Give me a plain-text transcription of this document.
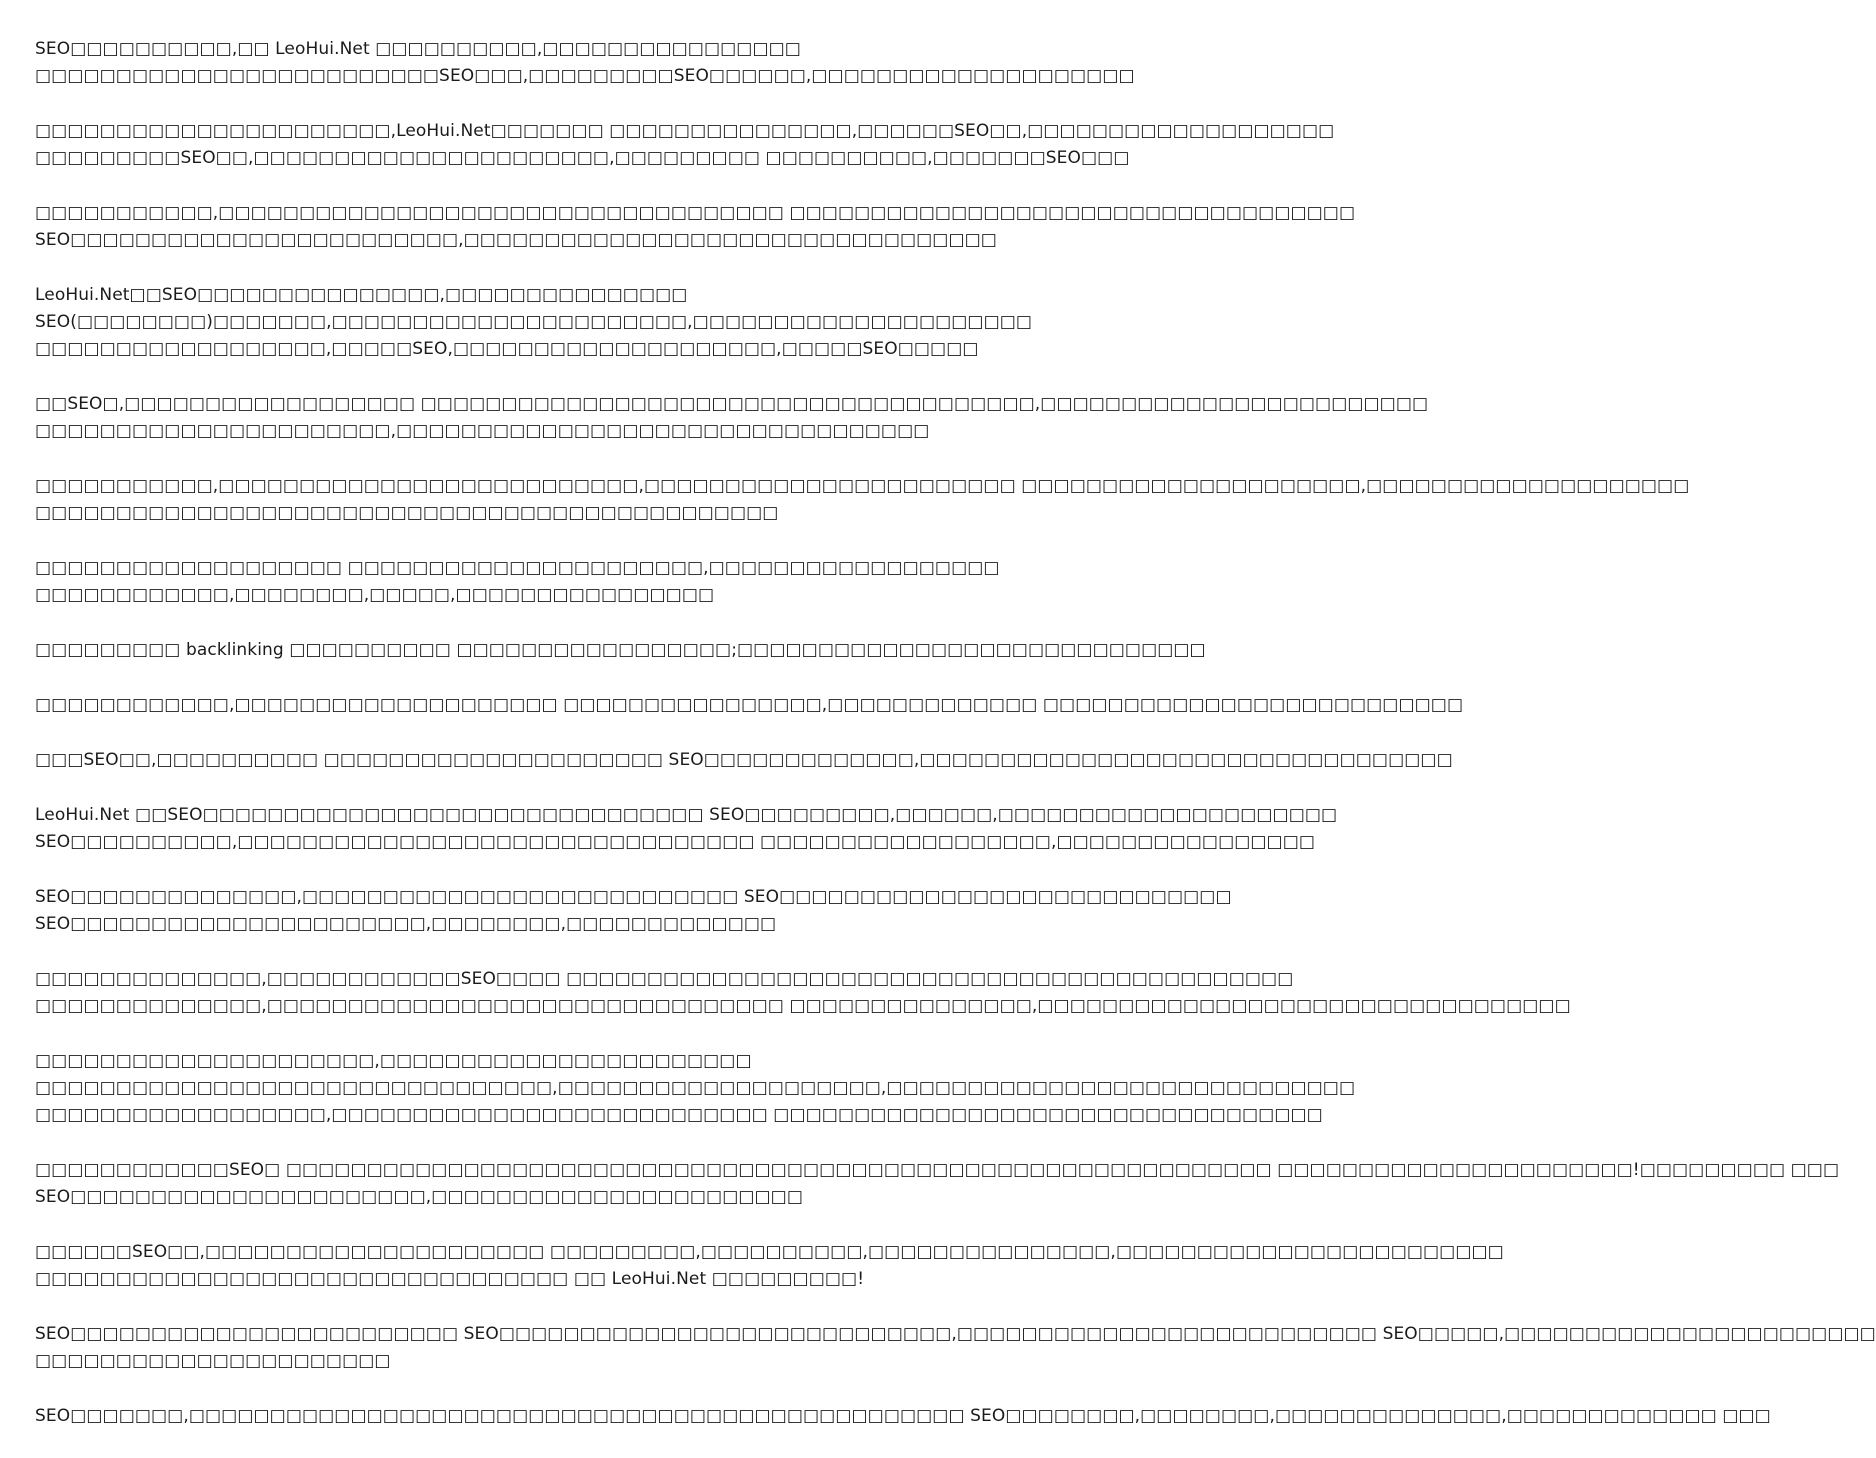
SEO□□□□□□□□□□,□□ LeoHui.Net □□□□□□□□□□,□□□□□□□□□□□□□□□□
□□□□□□□□□□□□□□□□□□□□□□□□□SEO□□□,□□□□□□□□□SEO□□□□□□,□□□□□□□□□□□□□□□□□□□□
□□□□□□□□□□□□□□□□□□□□□□,LeoHui.Net□□□□□□□ □□□□□□□□□□□□□□□,□□□□□□SEO□□,□□□□□□□□□□□□□□□□□□□
□□□□□□□□□SEO□□,□□□□□□□□□□□□□□□□□□□□□□,□□□□□□□□□ □□□□□□□□□□,□□□□□□□SEO□□□
□□□□□□□□□□□,□□□□□□□□□□□□□□□□□□□□□□□□□□□□□□□□□□□ □□□□□□□□□□□□□□□□□□□□□□□□□□□□□□□□□□□
SEO□□□□□□□□□□□□□□□□□□□□□□□□,□□□□□□□□□□□□□□□□□□□□□□□□□□□□□□□□□
LeoHui.Net□□SEO□□□□□□□□□□□□□□□,□□□□□□□□□□□□□□□
SEO(□□□□□□□□)□□□□□□□,□□□□□□□□□□□□□□□□□□□□□□,□□□□□□□□□□□□□□□□□□□□□
□□□□□□□□□□□□□□□□□□,□□□□□SEO,□□□□□□□□□□□□□□□□□□□□,□□□□□SEO□□□□□
□□SEO□,□□□□□□□□□□□□□□□□□□ □□□□□□□□□□□□□□□□□□□□□□□□□□□□□□□□□□□□□□,□□□□□□□□□□□□□□□□□□□□□□□□
□□□□□□□□□□□□□□□□□□□□□□,□□□□□□□□□□□□□□□□□□□□□□□□□□□□□□□□□
□□□□□□□□□□□,□□□□□□□□□□□□□□□□□□□□□□□□□□,□□□□□□□□□□□□□□□□□□□□□□□ □□□□□□□□□□□□□□□□□□□□□,□□□□□□□□□□□□□□□□□□□□
□□□□□□□□□□□□□□□□□□□□□□□□□□□□□□□□□□□□□□□□□□□□□□
□□□□□□□□□□□□□□□□□□□ □□□□□□□□□□□□□□□□□□□□□□,□□□□□□□□□□□□□□□□□□
□□□□□□□□□□□□,□□□□□□□□,□□□□□,□□□□□□□□□□□□□□□□
□□□□□□□□□ backlinking □□□□□□□□□□ □□□□□□□□□□□□□□□□□;□□□□□□□□□□□□□□□□□□□□□□□□□□□□□
□□□□□□□□□□□□,□□□□□□□□□□□□□□□□□□□□ □□□□□□□□□□□□□□□□,□□□□□□□□□□□□□ □□□□□□□□□□□□□□□□□□□□□□□□□□
□□□SEO□□,□□□□□□□□□□ □□□□□□□□□□□□□□□□□□□□□ SEO□□□□□□□□□□□□□,□□□□□□□□□□□□□□□□□□□□□□□□□□□□□□□□□
LeoHui.Net □□SEO□□□□□□□□□□□□□□□□□□□□□□□□□□□□□□□ SEO□□□□□□□□□,□□□□□□,□□□□□□□□□□□□□□□□□□□□□
SEO□□□□□□□□□□,□□□□□□□□□□□□□□□□□□□□□□□□□□□□□□□□ □□□□□□□□□□□□□□□□□□,□□□□□□□□□□□□□□□□
SEO□□□□□□□□□□□□□□,□□□□□□□□□□□□□□□□□□□□□□□□□□□ SEO□□□□□□□□□□□□□□□□□□□□□□□□□□□□
SEO□□□□□□□□□□□□□□□□□□□□□□,□□□□□□□□,□□□□□□□□□□□□□
□□□□□□□□□□□□□□,□□□□□□□□□□□□SEO□□□□ □□□□□□□□□□□□□□□□□□□□□□□□□□□□□□□□□□□□□□□□□□□□□
□□□□□□□□□□□□□□,□□□□□□□□□□□□□□□□□□□□□□□□□□□□□□□□ □□□□□□□□□□□□□□□,□□□□□□□□□□□□□□□□□□□□□□□□□□□□□□□□□
□□□□□□□□□□□□□□□□□□□□□,□□□□□□□□□□□□□□□□□□□□□□□
□□□□□□□□□□□□□□□□□□□□□□□□□□□□□□□□,□□□□□□□□□□□□□□□□□□□□,□□□□□□□□□□□□□□□□□□□□□□□□□□□□□
□□□□□□□□□□□□□□□□□□,□□□□□□□□□□□□□□□□□□□□□□□□□□□ □□□□□□□□□□□□□□□□□□□□□□□□□□□□□□□□□□
□□□□□□□□□□□□SEO□ □□□□□□□□□□□□□□□□□□□□□□□□□□□□□□□□□□□□□□□□□□□□□□□□□□□□□□□□□□□□□ □□□□□□□□□□□□□□□□□□□□□□!□□□□□□□□□ □□□
SEO□□□□□□□□□□□□□□□□□□□□□□,□□□□□□□□□□□□□□□□□□□□□□□
□□□□□□SEO□□,□□□□□□□□□□□□□□□□□□□□□ □□□□□□□□□,□□□□□□□□□□,□□□□□□□□□□□□□□□,□□□□□□□□□□□□□□□□□□□□□□□□
□□□□□□□□□□□□□□□□□□□□□□□□□□□□□□□□□ □□ LeoHui.Net □□□□□□□□□!
SEO□□□□□□□□□□□□□□□□□□□□□□□□ SEO□□□□□□□□□□□□□□□□□□□□□□□□□□□□,□□□□□□□□□□□□□□□□□□□□□□□□□□ SEO□□□□□,□□□□□□□□□□□□□□□□□□□□□□□
□□□□□□□□□□□□□□□□□□□□□□
SEO□□□□□□□,□□□□□□□□□□□□□□□□□□□□□□□□□□□□□□□□□□□□□□□□□□□□□□□□ SEO□□□□□□□□,□□□□□□□□,□□□□□□□□□□□□□□,□□□□□□□□□□□□□ □□□
